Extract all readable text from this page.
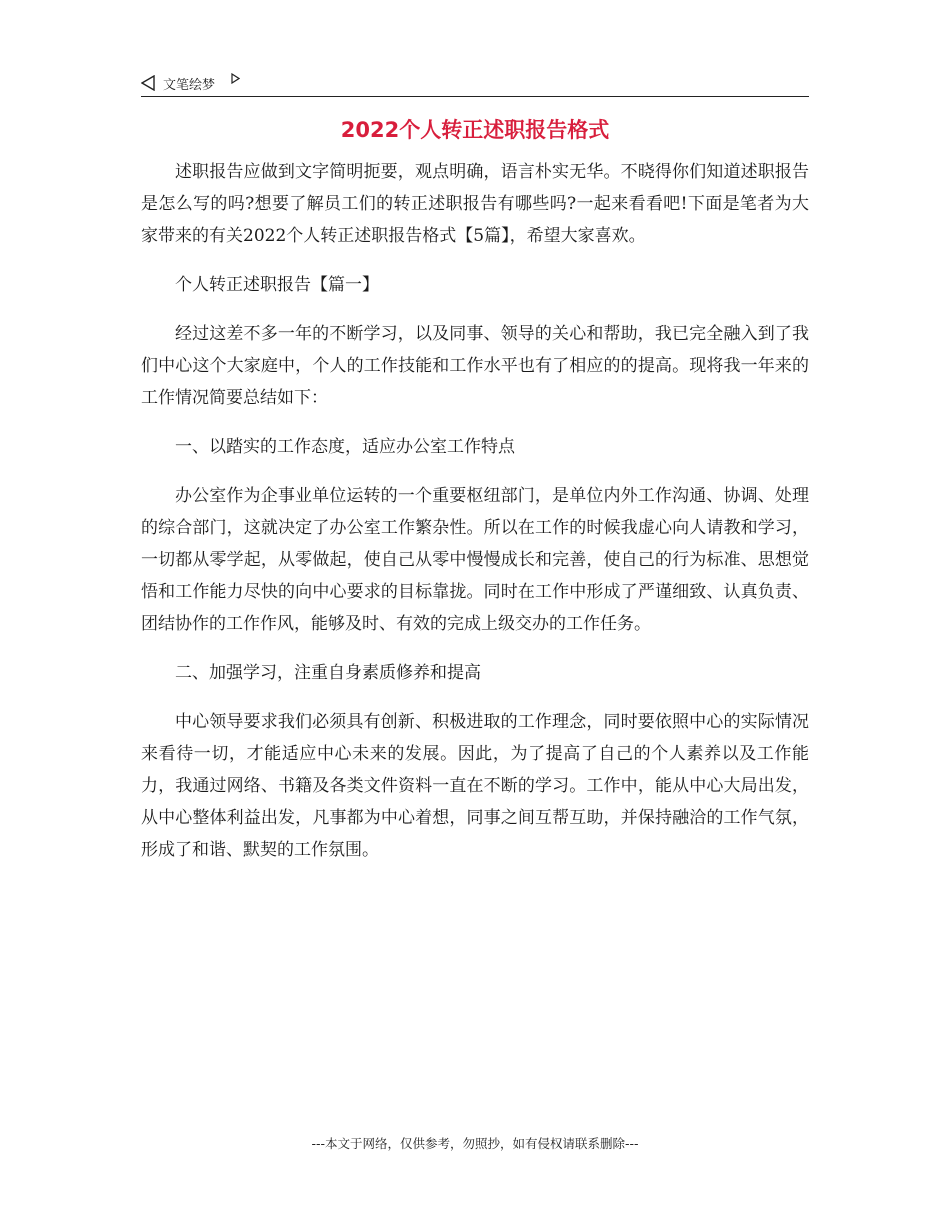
文笔绘梦
2022个人转正述职报告格式

述职报告应做到文字简明扼要，观点明确，语言朴实无华。不晓得你们知道述职报告是怎么写的吗?想要了解员工们的转正述职报告有哪些吗?一起来看看吧!下面是笔者为大家带来的有关2022个人转正述职报告格式【5篇】，希望大家喜欢。

个人转正述职报告【篇一】

经过这差不多一年的不断学习，以及同事、领导的关心和帮助，我已完全融入到了我们中心这个大家庭中，个人的工作技能和工作水平也有了相应的的提高。现将我一年来的工作情况简要总结如下：

一、以踏实的工作态度，适应办公室工作特点

办公室作为企事业单位运转的一个重要枢纽部门，是单位内外工作沟通、协调、处理的综合部门，这就决定了办公室工作繁杂性。所以在工作的时候我虚心向人请教和学习，一切都从零学起，从零做起，使自己从零中慢慢成长和完善，使自己的行为标准、思想觉悟和工作能力尽快的向中心要求的目标靠拢。同时在工作中形成了严谨细致、认真负责、团结协作的工作作风，能够及时、有效的完成上级交办的工作任务。

二、加强学习，注重自身素质修养和提高

中心领导要求我们必须具有创新、积极进取的工作理念，同时要依照中心的实际情况来看待一切，才能适应中心未来的发展。因此，为了提高了自己的个人素养以及工作能力，我通过网络、书籍及各类文件资料一直在不断的学习。工作中，能从中心大局出发，从中心整体利益出发，凡事都为中心着想，同事之间互帮互助，并保持融洽的工作气氛，形成了和谐、默契的工作氛围。

---本文于网络，仅供参考，勿照抄，如有侵权请联系删除---
